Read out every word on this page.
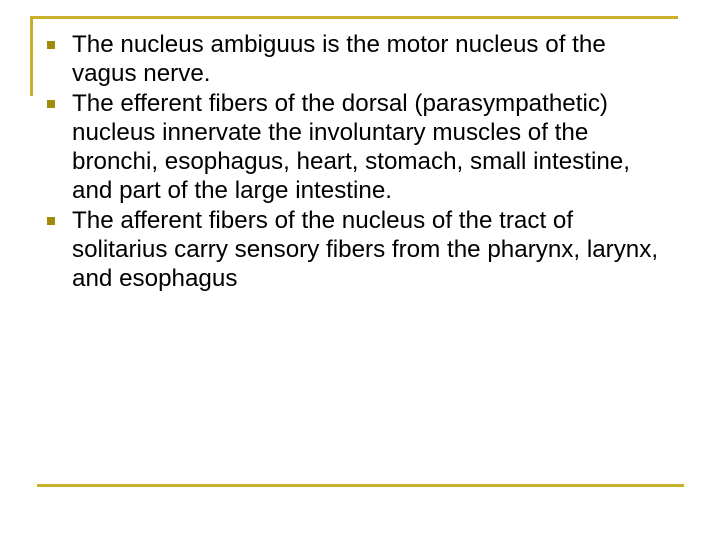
The nucleus ambiguus is the motor nucleus of the vagus nerve.
The efferent fibers of the dorsal (parasympathetic) nucleus innervate the involuntary muscles of the bronchi, esophagus, heart, stomach, small intestine, and part of the large intestine.
The afferent fibers of the nucleus of the tract of solitarius carry sensory fibers from the pharynx, larynx, and esophagus
